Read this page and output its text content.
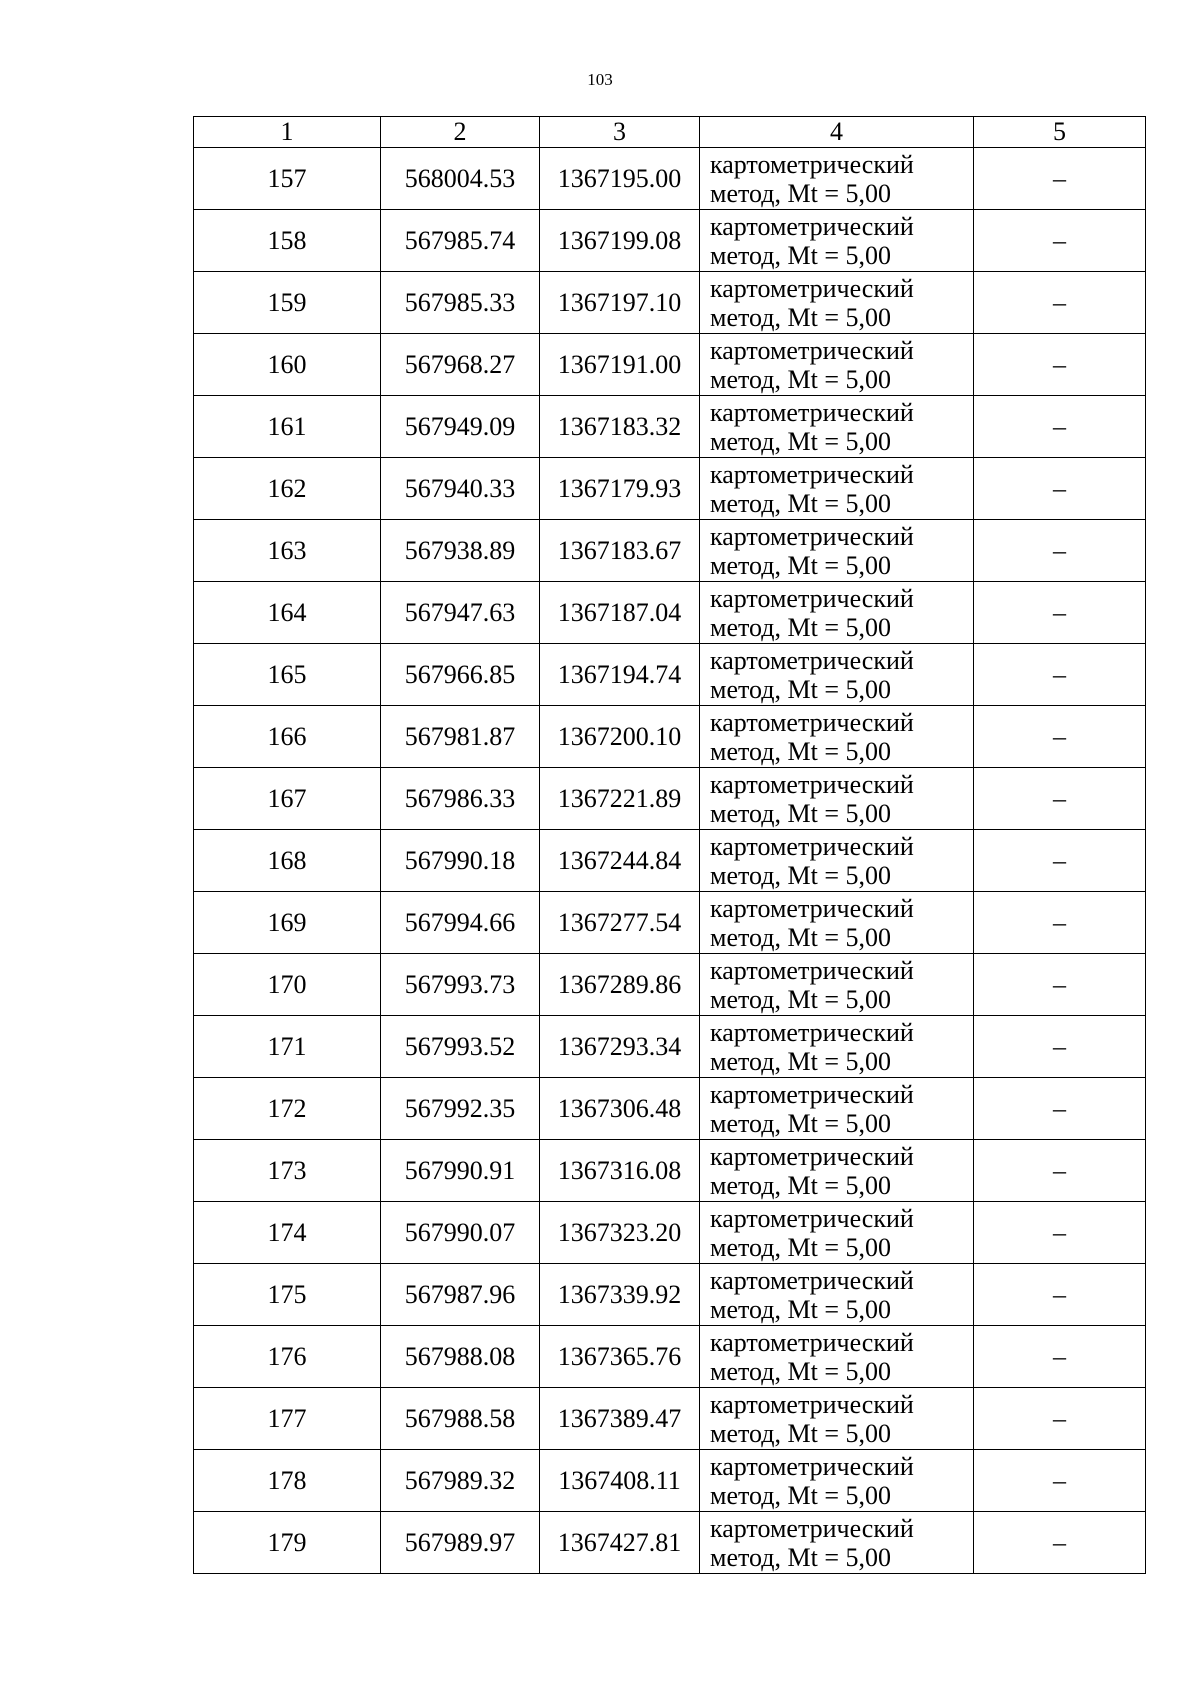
103
1	2	3	4	5
157	568004.53	1367195.00	картометрический
метод, Mt = 5,00	–
158	567985.74	1367199.08	картометрический
метод, Mt = 5,00	–
159	567985.33	1367197.10	картометрический
метод, Mt = 5,00	–
160	567968.27	1367191.00	картометрический
метод, Mt = 5,00	–
161	567949.09	1367183.32	картометрический
метод, Mt = 5,00	–
162	567940.33	1367179.93	картометрический
метод, Mt = 5,00	–
163	567938.89	1367183.67	картометрический
метод, Mt = 5,00	–
164	567947.63	1367187.04	картометрический
метод, Mt = 5,00	–
165	567966.85	1367194.74	картометрический
метод, Mt = 5,00	–
166	567981.87	1367200.10	картометрический
метод, Mt = 5,00	–
167	567986.33	1367221.89	картометрический
метод, Mt = 5,00	–
168	567990.18	1367244.84	картометрический
метод, Mt = 5,00	–
169	567994.66	1367277.54	картометрический
метод, Mt = 5,00	–
170	567993.73	1367289.86	картометрический
метод, Mt = 5,00	–
171	567993.52	1367293.34	картометрический
метод, Mt = 5,00	–
172	567992.35	1367306.48	картометрический
метод, Mt = 5,00	–
173	567990.91	1367316.08	картометрический
метод, Mt = 5,00	–
174	567990.07	1367323.20	картометрический
метод, Mt = 5,00	–
175	567987.96	1367339.92	картометрический
метод, Mt = 5,00	–
176	567988.08	1367365.76	картометрический
метод, Mt = 5,00	–
177	567988.58	1367389.47	картометрический
метод, Mt = 5,00	–
178	567989.32	1367408.11	картометрический
метод, Mt = 5,00	–
179	567989.97	1367427.81	картометрический
метод, Mt = 5,00	–
